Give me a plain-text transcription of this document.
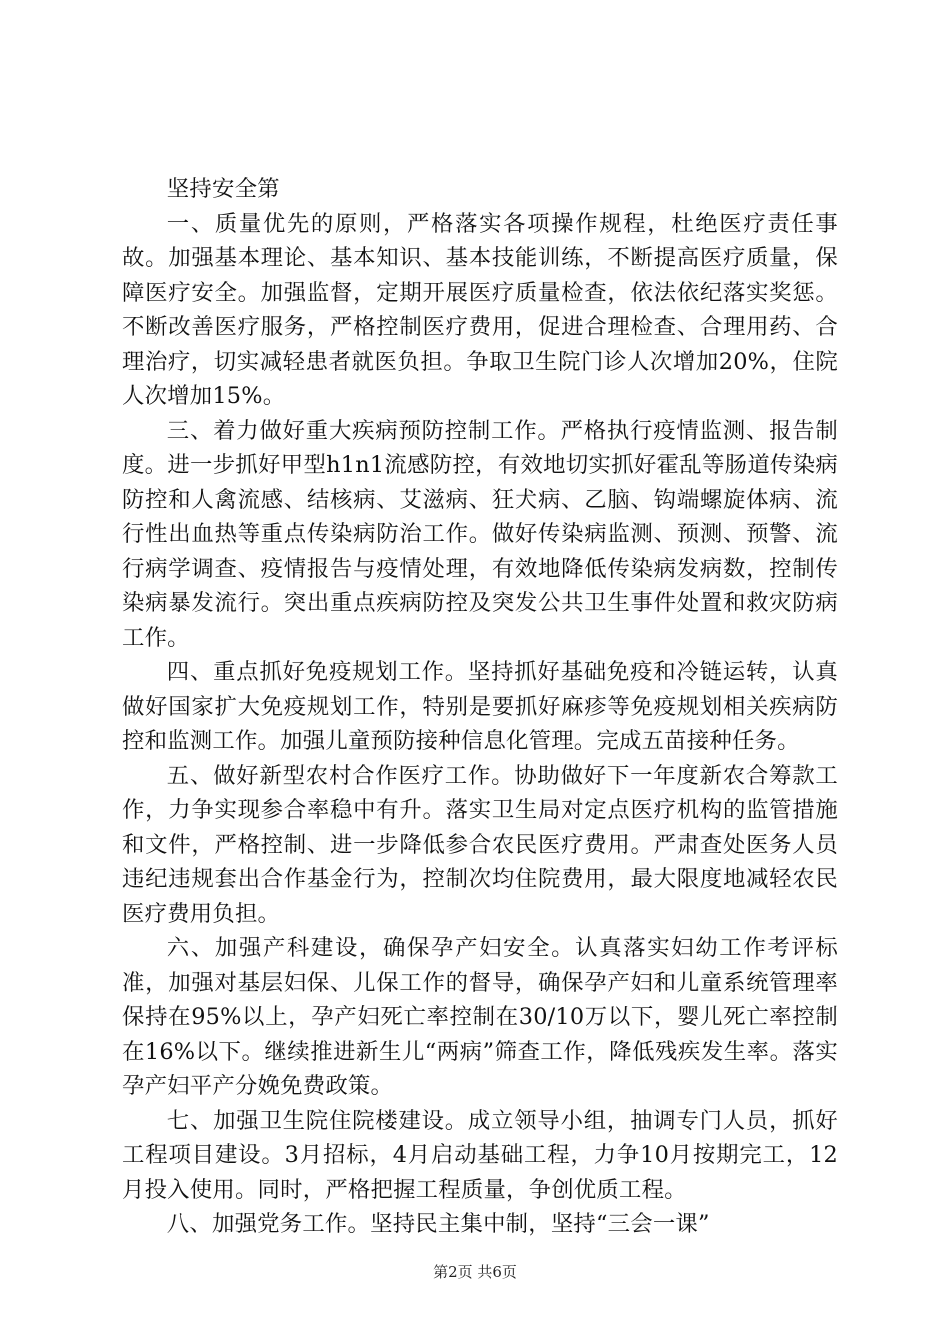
坚持安全第

一、质量优先的原则，严格落实各项操作规程，杜绝医疗责任事故。加强基本理论、基本知识、基本技能训练，不断提高医疗质量，保障医疗安全。加强监督，定期开展医疗质量检查，依法依纪落实奖惩。不断改善医疗服务，严格控制医疗费用，促进合理检查、合理用药、合理治疗，切实减轻患者就医负担。争取卫生院门诊人次增加20%，住院人次增加15%。

三、着力做好重大疾病预防控制工作。严格执行疫情监测、报告制度。进一步抓好甲型h1n1流感防控，有效地切实抓好霍乱等肠道传染病防控和人禽流感、结核病、艾滋病、狂犬病、乙脑、钩端螺旋体病、流行性出血热等重点传染病防治工作。做好传染病监测、预测、预警、流行病学调查、疫情报告与疫情处理，有效地降低传染病发病数，控制传染病暴发流行。突出重点疾病防控及突发公共卫生事件处置和救灾防病工作。

四、重点抓好免疫规划工作。坚持抓好基础免疫和冷链运转，认真做好国家扩大免疫规划工作，特别是要抓好麻疹等免疫规划相关疾病防控和监测工作。加强儿童预防接种信息化管理。完成五苗接种任务。

五、做好新型农村合作医疗工作。协助做好下一年度新农合筹款工作，力争实现参合率稳中有升。落实卫生局对定点医疗机构的监管措施和文件，严格控制、进一步降低参合农民医疗费用。严肃查处医务人员违纪违规套出合作基金行为，控制次均住院费用，最大限度地减轻农民医疗费用负担。

六、加强产科建设，确保孕产妇安全。认真落实妇幼工作考评标准，加强对基层妇保、儿保工作的督导，确保孕产妇和儿童系统管理率保持在95%以上，孕产妇死亡率控制在30/10万以下，婴儿死亡率控制在16%以下。继续推进新生儿“两病”筛查工作，降低残疾发生率。落实孕产妇平产分娩免费政策。

七、加强卫生院住院楼建设。成立领导小组，抽调专门人员，抓好工程项目建设。3月招标，4月启动基础工程，力争10月按期完工，12月投入使用。同时，严格把握工程质量，争创优质工程。

八、加强党务工作。坚持民主集中制，坚持“三会一课”

第2页 共6页
